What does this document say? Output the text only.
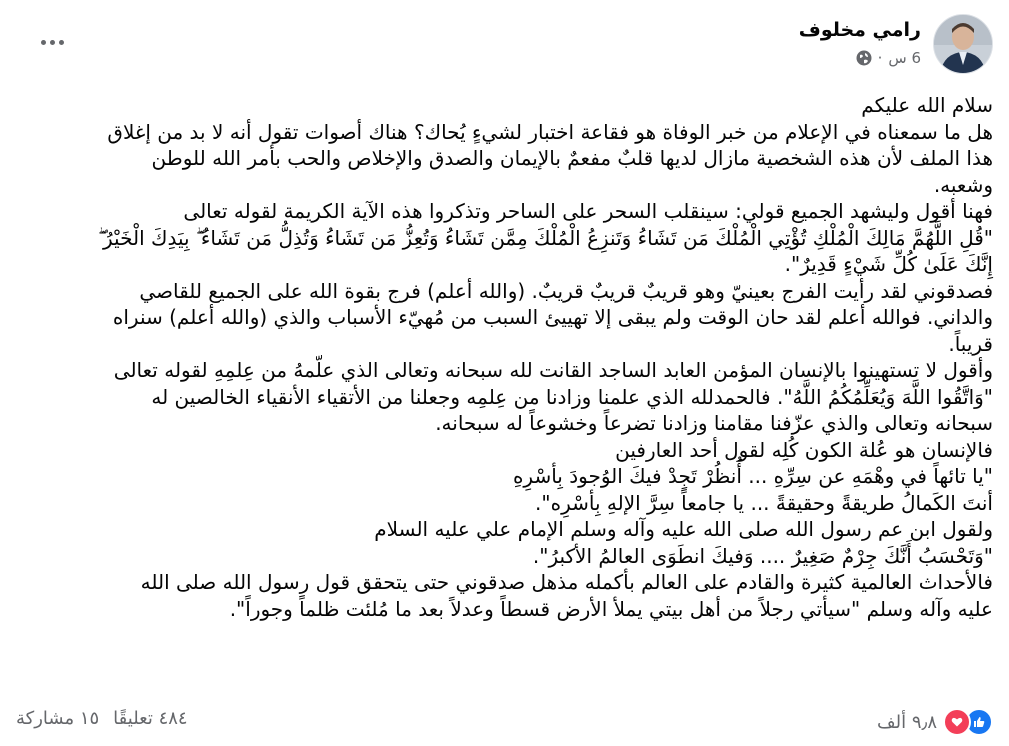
رامي مخلوف
6 س
·

سلام الله عليكم

هل ما سمعناه في الإعلام من خبر الوفاة هو فقاعة اختبار لشيءٍ يُحاك؟ هناك أصوات تقول أنه لا بد من إغلاق

هذا الملف لأن هذه الشخصية مازال لديها قلبٌ مفعمٌ بالإيمان والصدق والإخلاص والحب بأمر الله للوطن

وشعبه.

فهنا أقول وليشهد الجميع قولي: سينقلب السحر على الساحر وتذكروا هذه الآية الكريمة لقوله تعالى

"قُلِ اللَّهُمَّ مَالِكَ الْمُلْكِ تُؤْتِي الْمُلْكَ مَن تَشَاءُ وَتَنزِعُ الْمُلْكَ مِمَّن تَشَاءُ وَتُعِزُّ مَن تَشَاءُ وَتُذِلُّ مَن تَشَاءُ ۖ بِيَدِكَ الْخَيْرُ ۖ

إِنَّكَ عَلَىٰ كُلِّ شَيْءٍ قَدِيرٌ".

فصدقوني لقد رأيت الفرج بعينيّ وهو قريبٌ قريبٌ قريبٌ. (والله أعلم) فرج بقوة الله على الجميع للقاصي

والداني. فوالله أعلم لقد حان الوقت ولم يبقى إلا تهييئ السبب من مُهيّء الأسباب والذي (والله أعلم) سنراه

قريباً.

وأقول لا تستهينوا بالإنسان المؤمن العابد الساجد القانت لله سبحانه وتعالى الذي علّمهُ من عِلمِهِ لقوله تعالى

"وَاتَّقُوا اللَّهَ وَيُعَلِّمُكُمُ اللَّهُ". فالحمدلله الذي علمنا وزادنا من عِلمِه وجعلنا من الأتقياء الأنقياء الخالصين له

سبحانه وتعالى والذي عزّفنا مقامنا وزادنا تضرعاً وخشوعاً له سبحانه.

فالإنسان هو عُلة الكون كُلِه لقول أحد العارفين

"يا تائهاً في وهْمَهِ عن سِرِّهِ ... أُنظُرْ تَجِدْ فيكَ الوُجودَ بِأسْرِهِ

أنتَ الكَمالُ طريقةً وحقيقةً ... يا جامعاً سِرَّ الإلهِ بِأسْرِه".

ولقول ابن عم رسول الله صلى الله عليه وآله وسلم الإمام علي عليه السلام

"وَتَحْسَبُ أَنَّكَ جِرْمٌ صَغِيرٌ .... وَفيكَ انطَوَى العالمُ الأكبرُ".

فالأحداث العالمية كثيرة والقادم على العالم بأكمله مذهل صدقوني حتى يتحقق قول رسول الله صلى الله

عليه وآله وسلم "سيأتي رجلاً من أهل بيتي يملأ الأرض قسطاً وعدلاً بعد ما مُلئت ظلماً وجوراً".

٩٫٨ ألف
٤٨٤ تعليقًا
١٥ مشاركة
